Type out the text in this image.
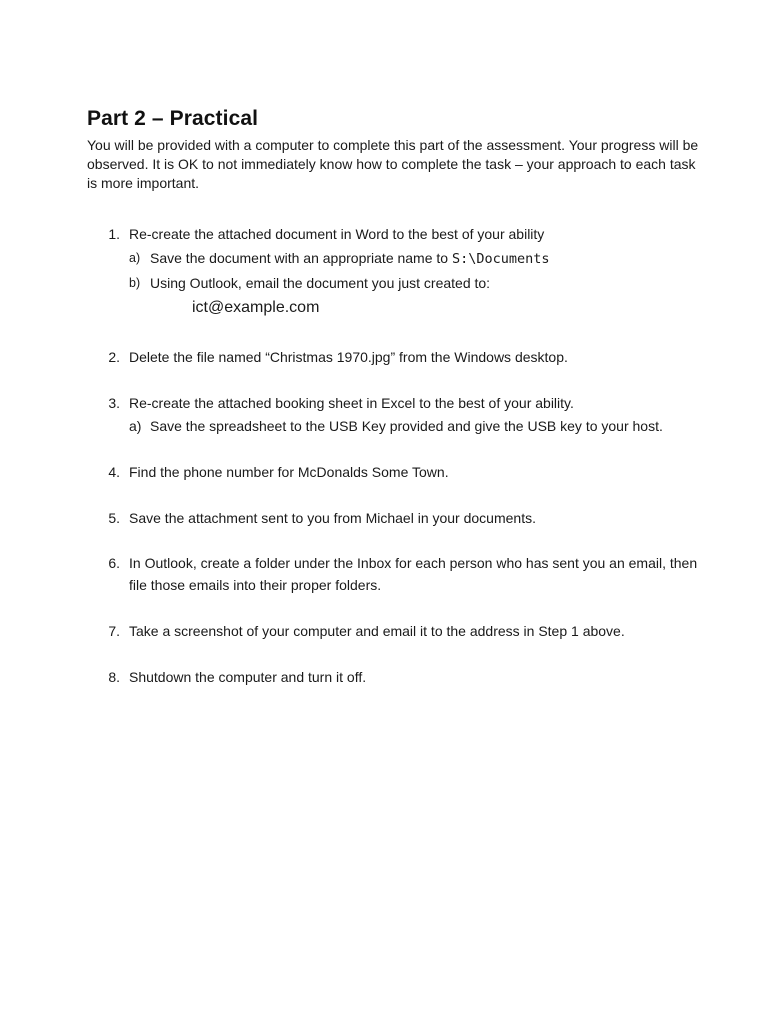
Part 2 – Practical

You will be provided with a computer to complete this part of the assessment. Your progress will be observed. It is OK to not immediately know how to complete the task – your approach to each task is more important.

1. Re-create the attached document in Word to the best of your ability
a) Save the document with an appropriate name to S:\Documents
b) Using Outlook, email the document you just created to:
ict@example.com
2. Delete the file named “Christmas 1970.jpg” from the Windows desktop.
3. Re-create the attached booking sheet in Excel to the best of your ability.
a) Save the spreadsheet to the USB Key provided and give the USB key to your host.
4. Find the phone number for McDonalds Some Town.
5. Save the attachment sent to you from Michael in your documents.
6. In Outlook, create a folder under the Inbox for each person who has sent you an email, then file those emails into their proper folders.
7. Take a screenshot of your computer and email it to the address in Step 1 above.
8. Shutdown the computer and turn it off.
